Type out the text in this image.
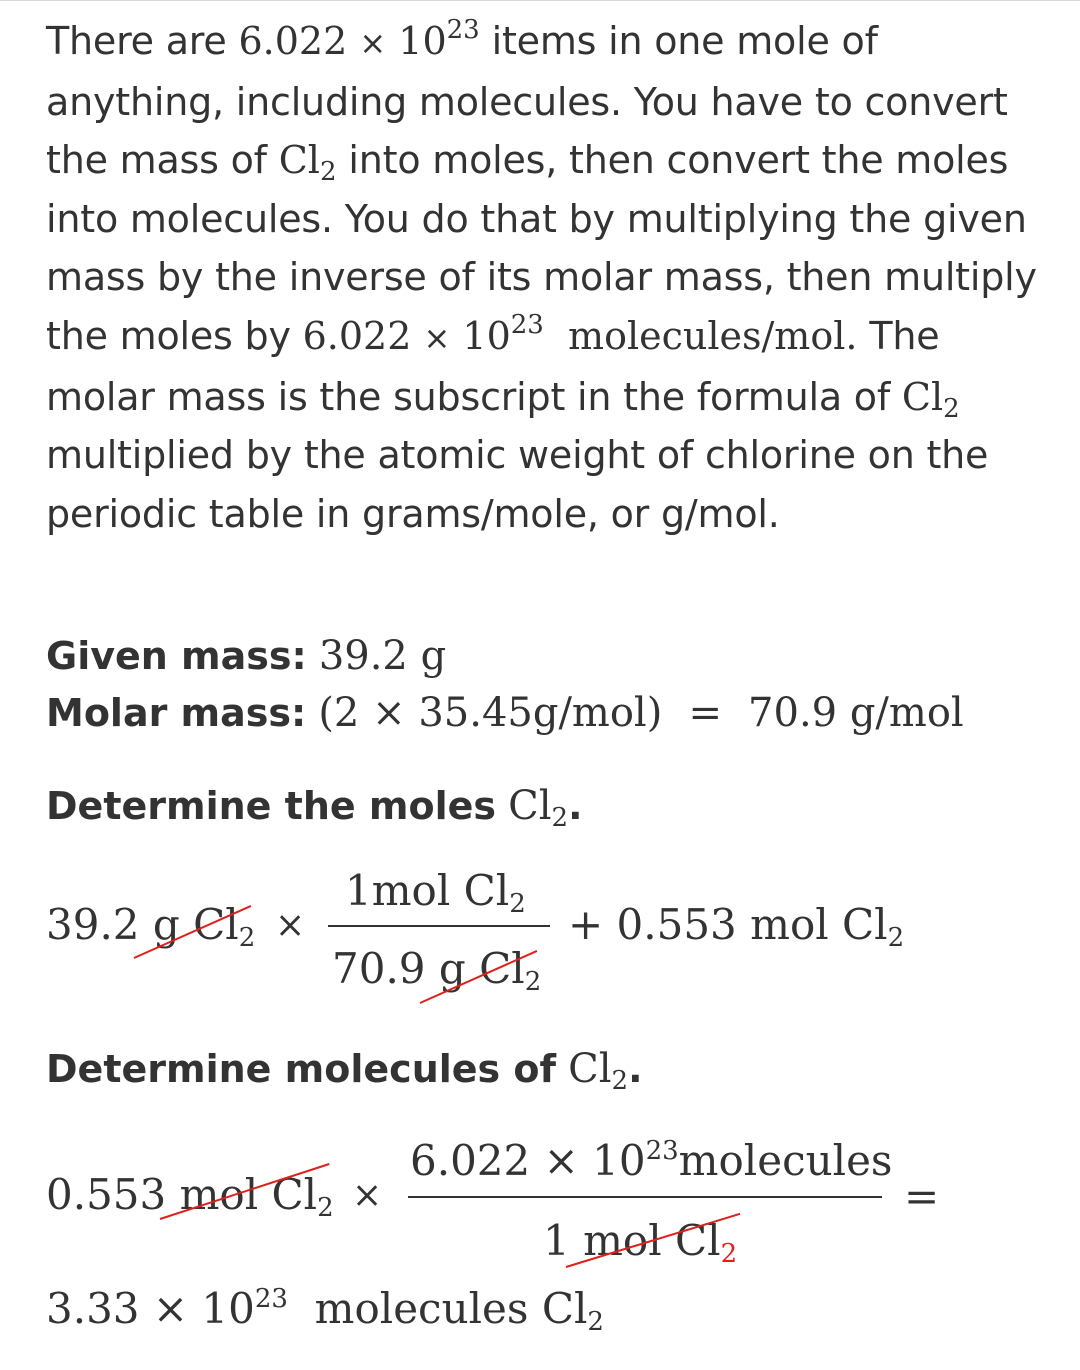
There are $6.022 \times 10^{23}$ items in one mole of anything, including molecules. You have to convert the mass of $Cl_2$ into moles, then convert the moles into molecules. You do that by multiplying the given mass by the inverse of its molar mass, then multiply the moles by $6.022 \times 10^{23}$ molecules/mol. The molar mass is the subscript in the formula of $Cl_2$ multiplied by the atomic weight of chlorine on the periodic table in grams/mole, or g/mol.
Given mass: 39.2 g
Molar mass: (2 × 35.45g/mol) = 70.9 g/mol
Determine the moles $Cl_2$.
39.2 g $Cl_2$ ×
1mol $Cl_2$
70.9 g $Cl_2$
+ 0.553 mol $Cl_2$
Determine molecules of $Cl_2$.
0.553 mol $Cl_2$ ×
$6.022 \times 10^{23}molecules$
1 mol $Cl_2$
=
$3.33 \times 10^{23}$ molecules $Cl_2$
